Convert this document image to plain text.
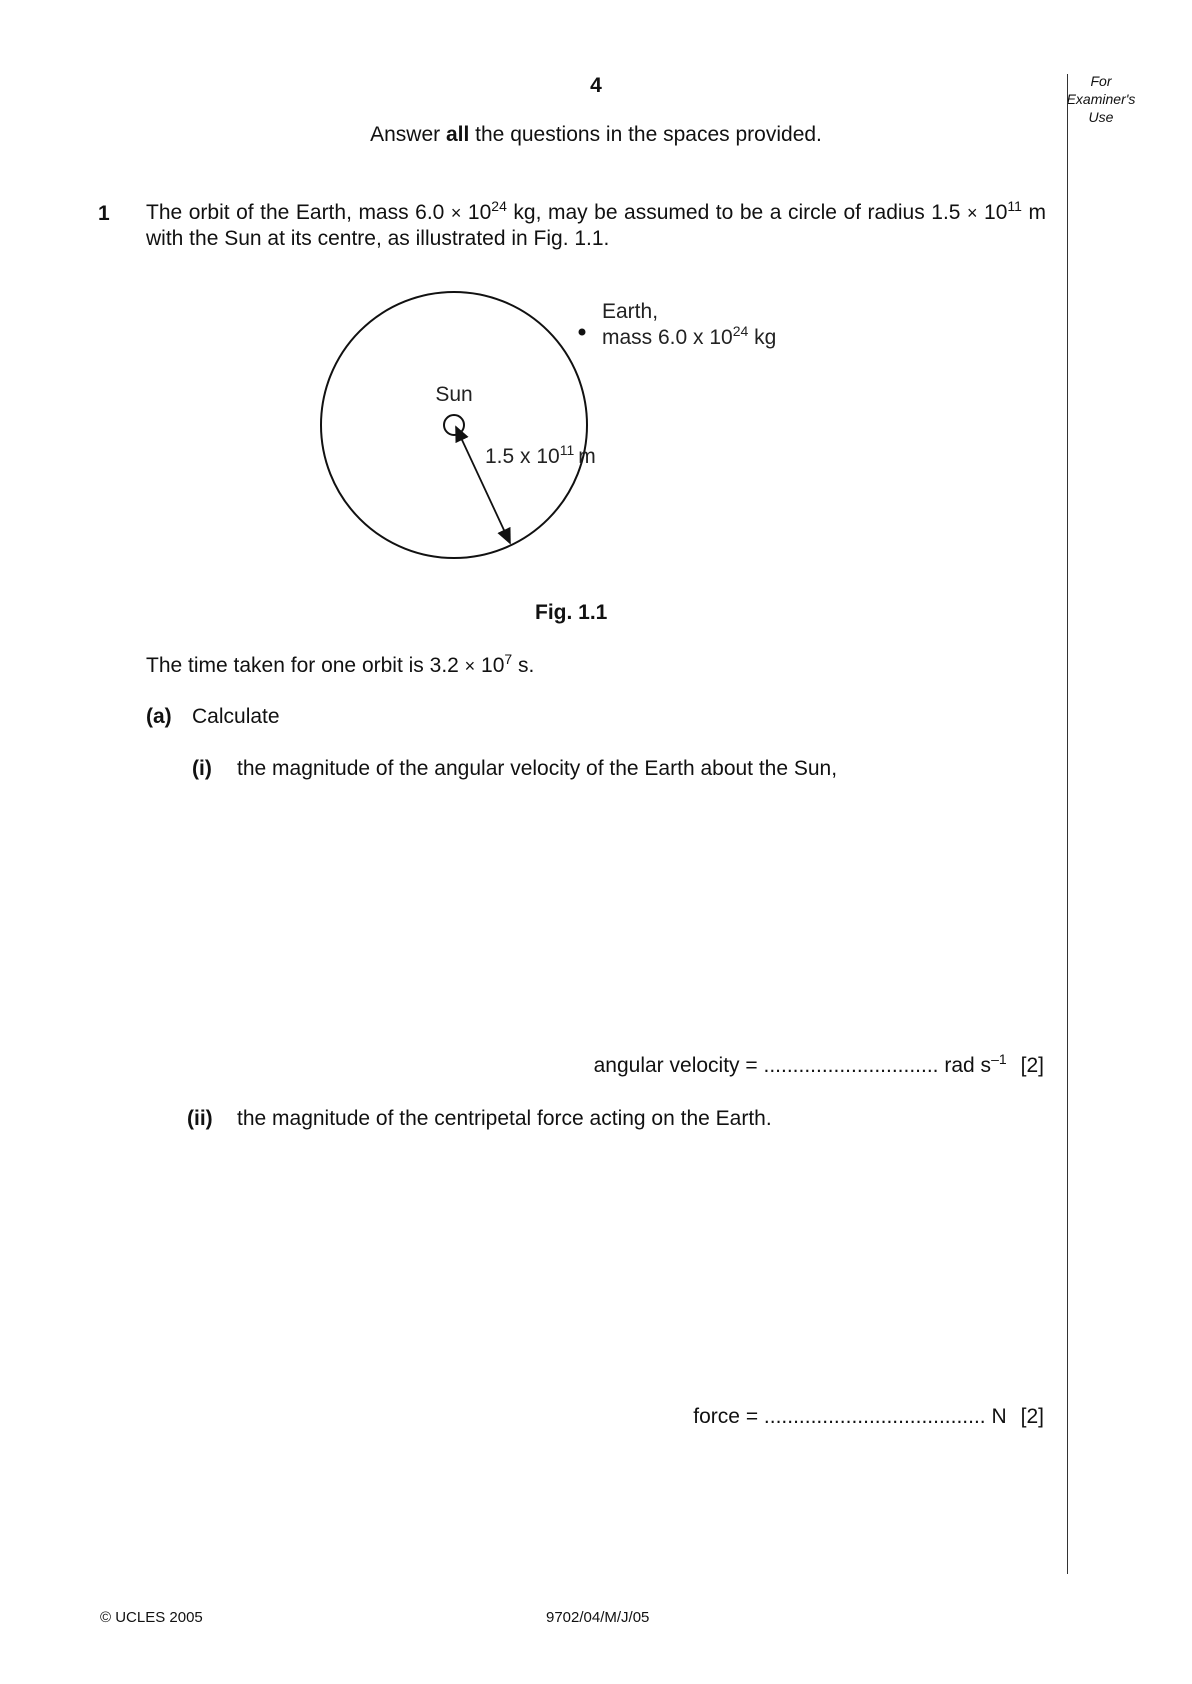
4	For
Examiner's
Use
Answer all the questions in the spaces provided.
1 The orbit of the Earth, mass $6.0 \times 10^{24}$ kg, may be assumed to be a circle of radius $1.5 \times 10^{11}$ m with the Sun at its centre, as illustrated in Fig. 1.1.
Earth,
mass 6.0 x $10^{24}$ kg
Sun
1.5 x $10^{11}$ m
Fig. 1.1
The time taken for one orbit is $3.2 \times 10^7$ s.
(a) Calculate
(i) the magnitude of the angular velocity of the Earth about the Sun,
angular velocity = .............................. rad $s^{-1}$ [2]
(ii) the magnitude of the centripetal force acting on the Earth.
force = ...................................... N [2]
© UCLES 2005	9702/04/M/J/05
